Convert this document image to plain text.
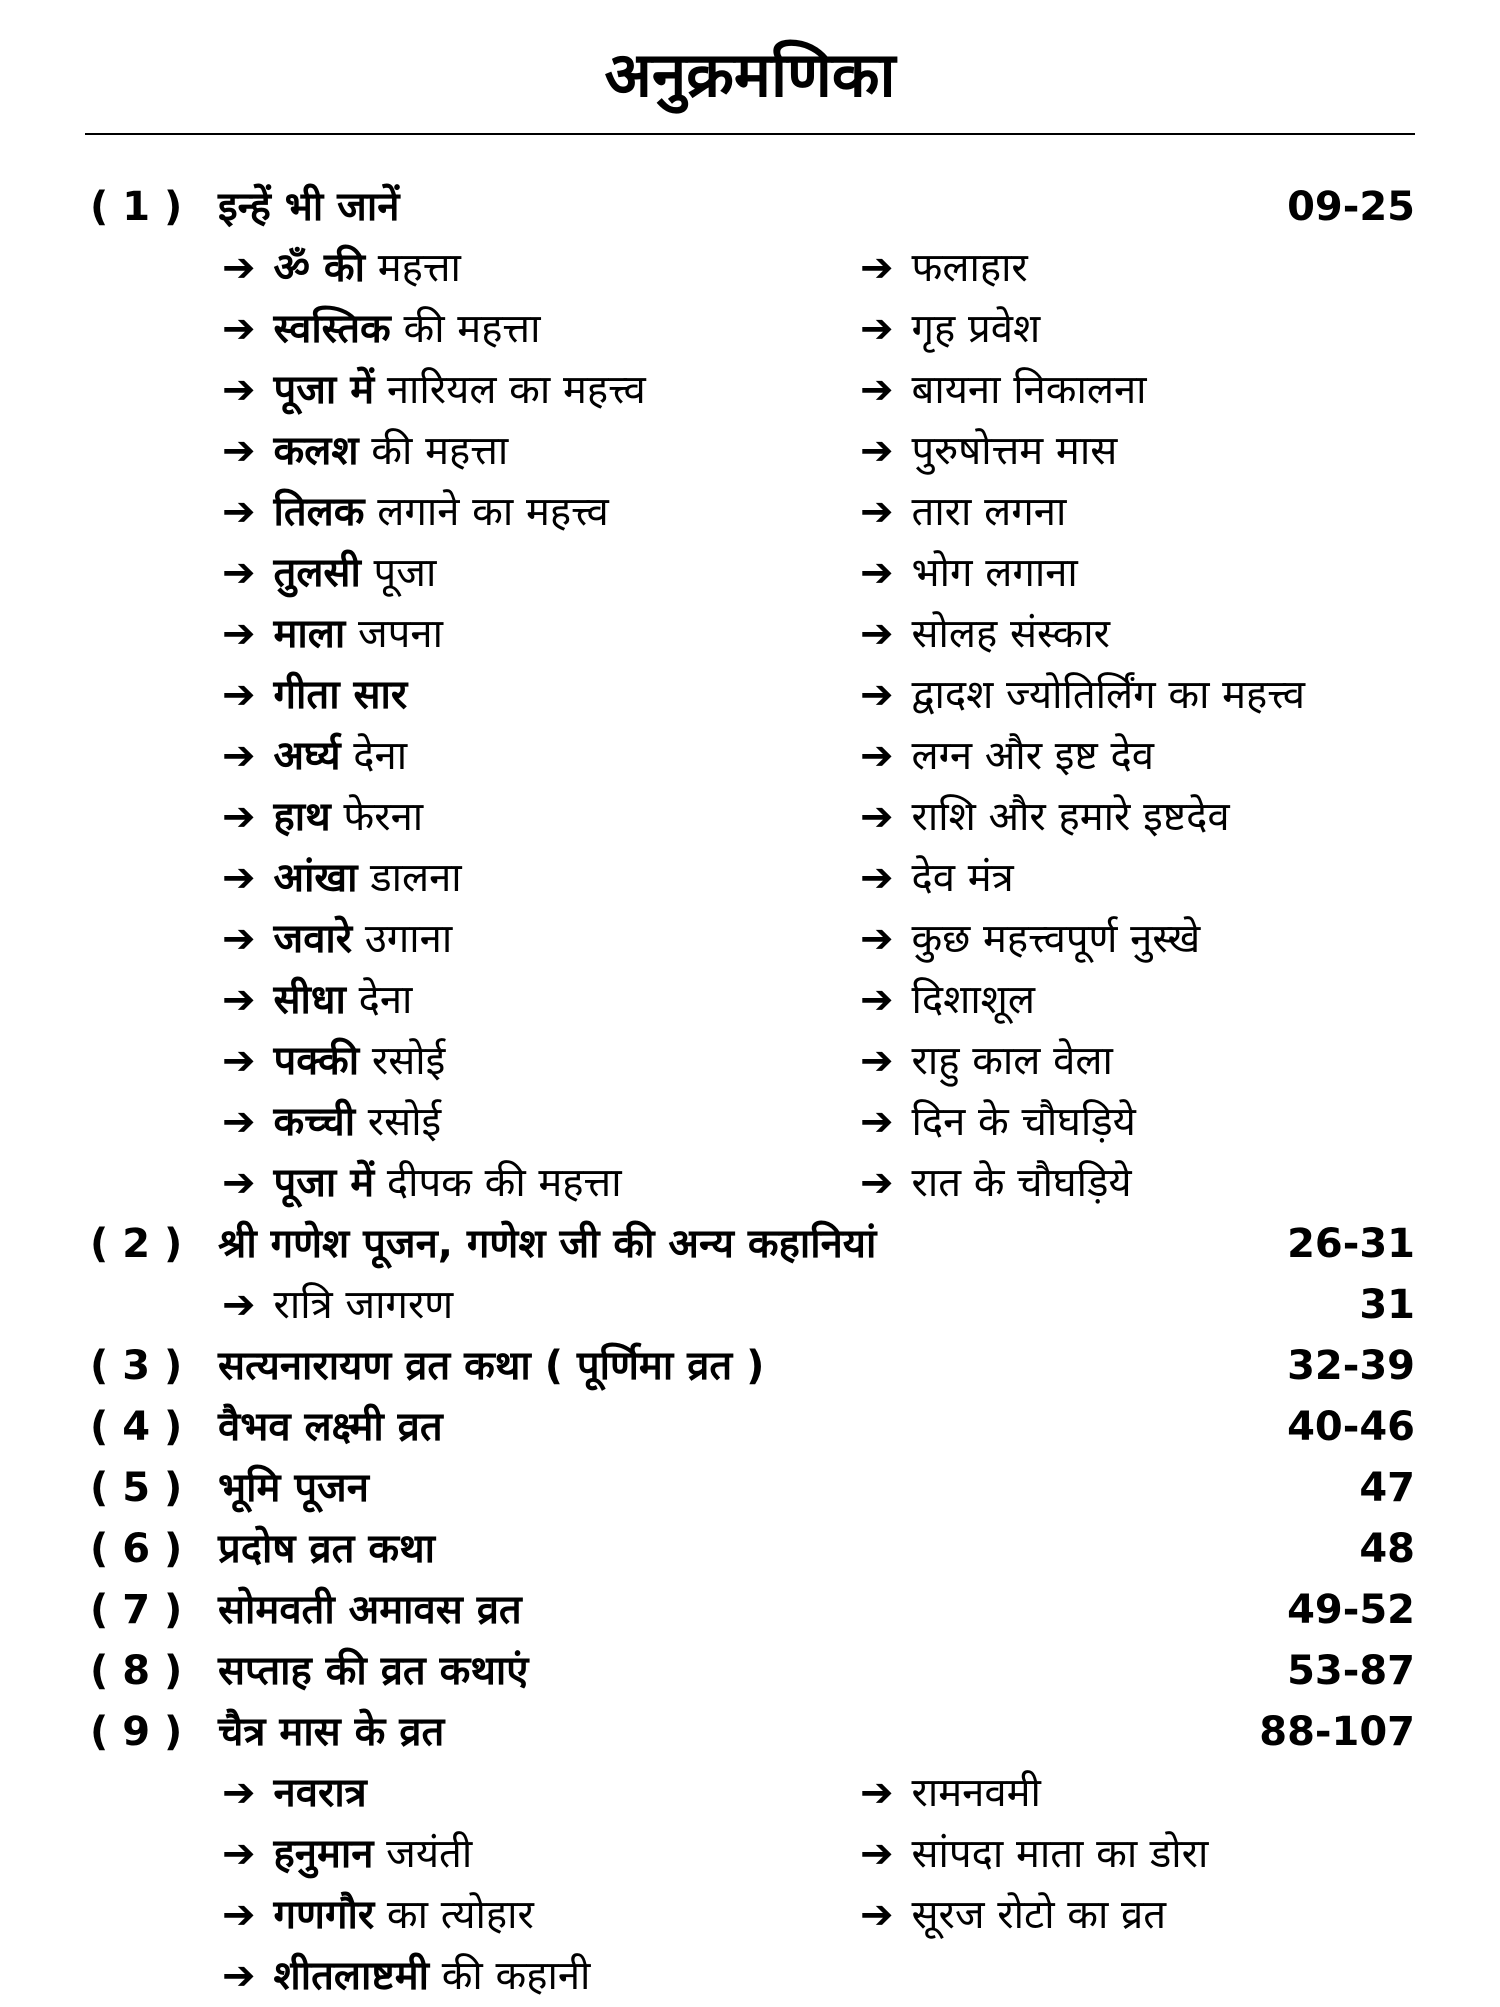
अनुक्रमणिका
( 1 ) इन्हें भी जानें	09-25
➔ ॐ की महत्ता	➔ फलाहार
➔ स्वस्तिक की महत्ता	➔ गृह प्रवेश
➔ पूजा में नारियल का महत्त्व	➔ बायना निकालना
➔ कलश की महत्ता	➔ पुरुषोत्तम मास
➔ तिलक लगाने का महत्त्व	➔ तारा लगना
➔ तुलसी पूजा	➔ भोग लगाना
➔ माला जपना	➔ सोलह संस्कार
➔ गीता सार	➔ द्वादश ज्योतिर्लिंग का महत्त्व
➔ अर्घ्य देना	➔ लग्न और इष्ट देव
➔ हाथ फेरना	➔ राशि और हमारे इष्टदेव
➔ आंखा डालना	➔ देव मंत्र
➔ जवारे उगाना	➔ कुछ महत्त्वपूर्ण नुस्खे
➔ सीधा देना	➔ दिशाशूल
➔ पक्की रसोई	➔ राहु काल वेला
➔ कच्ची रसोई	➔ दिन के चौघड़िये
➔ पूजा में दीपक की महत्ता	➔ रात के चौघड़िये
( 2 ) श्री गणेश पूजन, गणेश जी की अन्य कहानियां	26-31
➔ रात्रि जागरण	31
( 3 ) सत्यनारायण व्रत कथा ( पूर्णिमा व्रत )	32-39
( 4 ) वैभव लक्ष्मी व्रत	40-46
( 5 ) भूमि पूजन	47
( 6 ) प्रदोष व्रत कथा	48
( 7 ) सोमवती अमावस व्रत	49-52
( 8 ) सप्ताह की व्रत कथाएं	53-87
( 9 ) चैत्र मास के व्रत	88-107
➔ नवरात्र	➔ रामनवमी
➔ हनुमान जयंती	➔ सांपदा माता का डोरा
➔ गणगौर का त्योहार	➔ सूरज रोटो का व्रत
➔ शीतलाष्टमी की कहानी
